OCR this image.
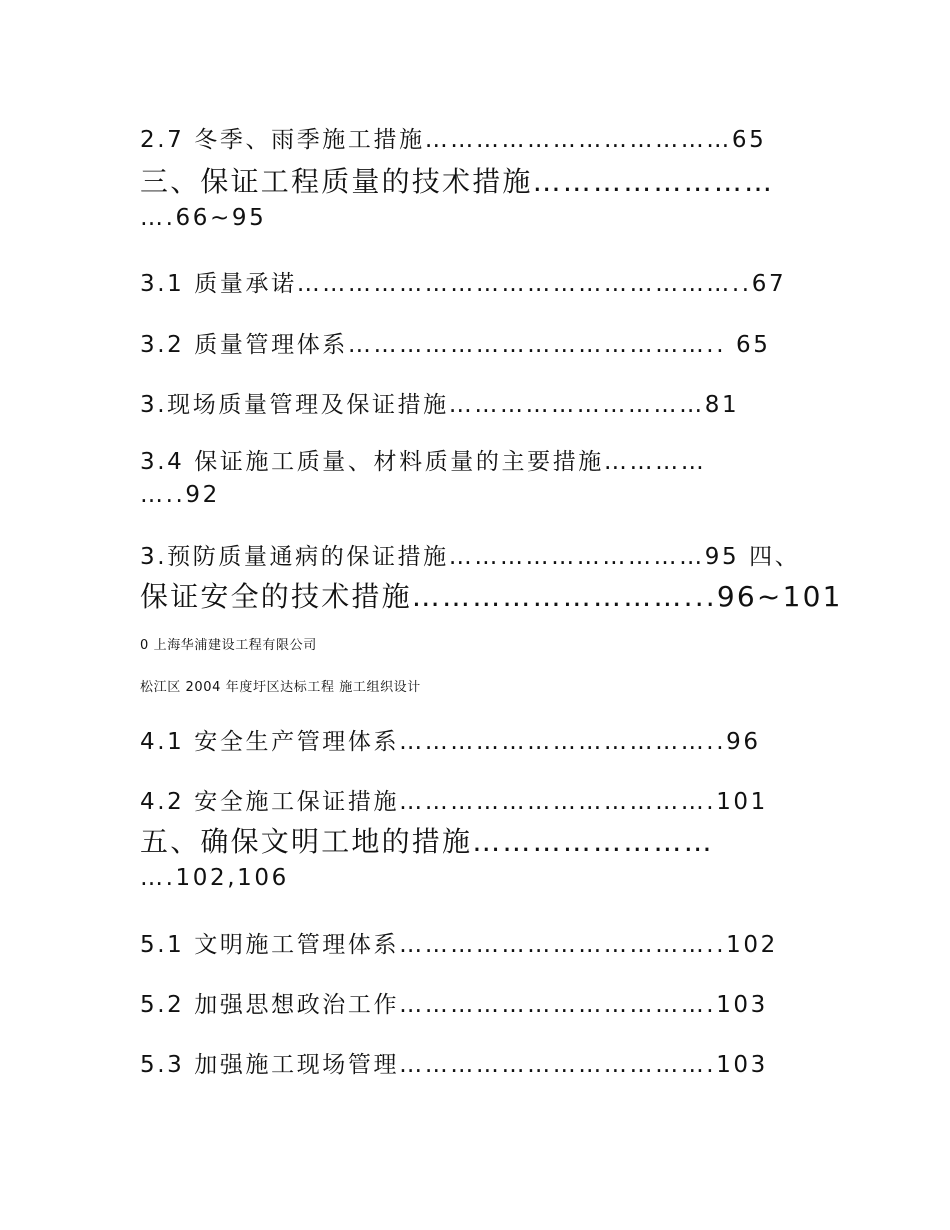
2.7 冬季、雨季施工措施………………………………65

三、保证工程质量的技术措施……………………

….66~95

3.1 质量承诺……………………………………………..67

3.2 质量管理体系…………………………………….. 65

3.现场质量管理及保证措施…………………………81

3.4 保证施工质量、材料质量的主要措施…………

…..92

3.预防质量通病的保证措施…………………………95 四、

保证安全的技术措施………………………...96~101

0 上海华浦建设工程有限公司

松江区 2004 年度圩区达标工程 施工组织设计

4.1 安全生产管理体系………………………………..96

4.2 安全施工保证措施……………………………….101

五、确保文明工地的措施……………………

….102,106

5.1 文明施工管理体系………………………………..102

5.2 加强思想政治工作……………………………….103

5.3 加强施工现场管理……………………………….103
